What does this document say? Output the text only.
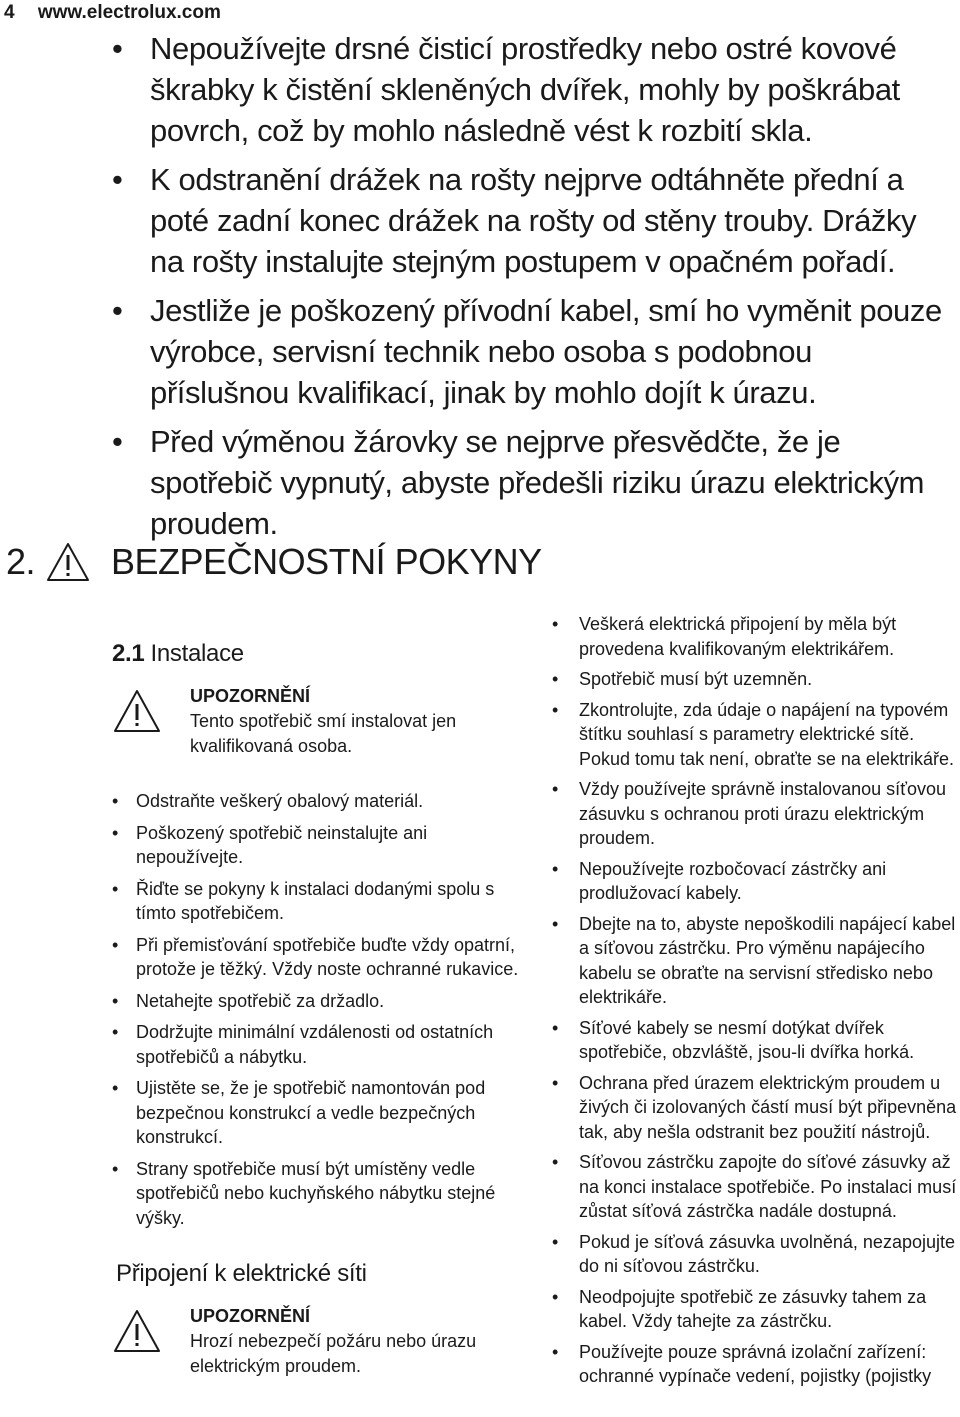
4 www.electrolux.com
• Nepoužívejte drsné čisticí prostředky nebo ostré kovové škrabky k čistění skleněných dvířek, mohly by poškrábat povrch, což by mohlo následně vést k rozbití skla.
• K odstranění drážek na rošty nejprve odtáhněte přední a poté zadní konec drážek na rošty od stěny trouby. Drážky na rošty instalujte stejným postupem v opačném pořadí.
• Jestliže je poškozený přívodní kabel, smí ho vyměnit pouze výrobce, servisní technik nebo osoba s podobnou příslušnou kvalifikací, jinak by mohlo dojít k úrazu.
• Před výměnou žárovky se nejprve přesvědčte, že je spotřebič vypnutý, abyste předešli riziku úrazu elektrickým proudem.
2. BEZPEČNOSTNÍ POKYNY
2.1 Instalace
UPOZORNĚNÍ
Tento spotřebič smí instalovat jen kvalifikovaná osoba.
• Odstraňte veškerý obalový materiál.
• Poškozený spotřebič neinstalujte ani nepoužívejte.
• Řiďte se pokyny k instalaci dodanými spolu s tímto spotřebičem.
• Při přemisťování spotřebiče buďte vždy opatrní, protože je těžký. Vždy noste ochranné rukavice.
• Netahejte spotřebič za držadlo.
• Dodržujte minimální vzdálenosti od ostatních spotřebičů a nábytku.
• Ujistěte se, že je spotřebič namontován pod bezpečnou konstrukcí a vedle bezpečných konstrukcí.
• Strany spotřebiče musí být umístěny vedle spotřebičů nebo kuchyňského nábytku stejné výšky.
Připojení k elektrické síti
UPOZORNĚNÍ
Hrozí nebezpečí požáru nebo úrazu elektrickým proudem.
• Veškerá elektrická připojení by měla být provedena kvalifikovaným elektrikářem.
• Spotřebič musí být uzemněn.
• Zkontrolujte, zda údaje o napájení na typovém štítku souhlasí s parametry elektrické sítě. Pokud tomu tak není, obraťte se na elektrikáře.
• Vždy používejte správně instalovanou síťovou zásuvku s ochranou proti úrazu elektrickým proudem.
• Nepoužívejte rozbočovací zástrčky ani prodlužovací kabely.
• Dbejte na to, abyste nepoškodili napájecí kabel a síťovou zástrčku. Pro výměnu napájecího kabelu se obraťte na servisní středisko nebo elektrikáře.
• Síťové kabely se nesmí dotýkat dvířek spotřebiče, obzvláště, jsou-li dvířka horká.
• Ochrana před úrazem elektrickým proudem u živých či izolovaných částí musí být připevněna tak, aby nešla odstranit bez použití nástrojů.
• Síťovou zástrčku zapojte do síťové zásuvky až na konci instalace spotřebiče. Po instalaci musí zůstat síťová zástrčka nadále dostupná.
• Pokud je síťová zásuvka uvolněná, nezapojujte do ni síťovou zástrčku.
• Neodpojujte spotřebič ze zásuvky tahem za kabel. Vždy tahejte za zástrčku.
• Používejte pouze správná izolační zařízení: ochranné vypínače vedení, pojistky (pojistky
